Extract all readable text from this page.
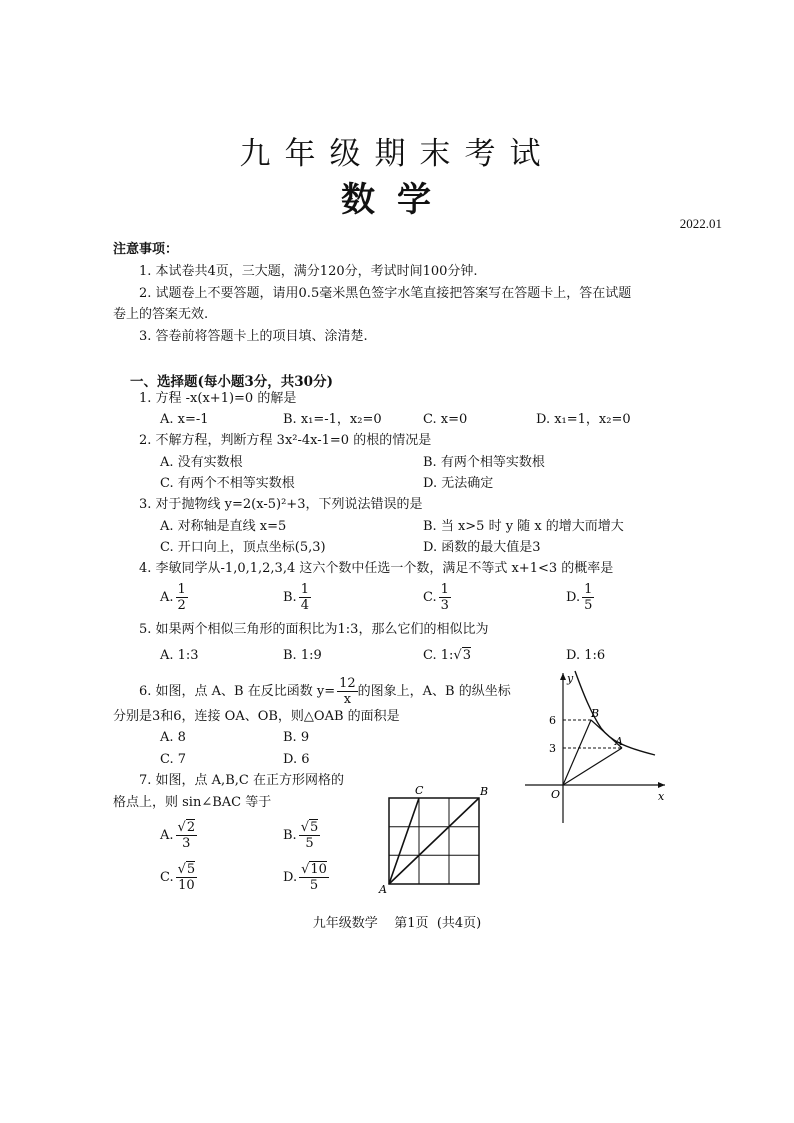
九年级期末考试
数学
2022.01
注意事项：
1. 本试卷共4页，三大题，满分120分，考试时间100分钟.
2. 试题卷上不要答题，请用0.5毫米黑色签字水笔直接把答案写在答题卡上，答在试题
卷上的答案无效.
3. 答卷前将答题卡上的项目填、涂清楚.
一、选择题(每小题3分，共30分)
1. 方程 -x(x+1)=0 的解是
A. x=-1	B. x₁=-1，x₂=0	C. x=0	D. x₁=1，x₂=0
2. 不解方程，判断方程 3x²-4x-1=0 的根的情况是
A. 没有实数根	B. 有两个相等实数根
C. 有两个不相等实数根	D. 无法确定
3. 对于抛物线 y=2(x-5)²+3，下列说法错误的是
A. 对称轴是直线 x=5	B. 当 x>5 时 y 随 x 的增大而增大
C. 开口向上，顶点坐标(5,3)	D. 函数的最大值是3
4. 李敏同学从-1,0,1,2,3,4 这六个数中任选一个数，满足不等式 x+1<3 的概率是
A. $\frac{1}{2}$	B. $\frac{1}{4}$	C. $\frac{1}{3}$	D. $\frac{1}{5}$
5. 如果两个相似三角形的面积比为1:3，那么它们的相似比为
A. 1:3	B. 1:9	C. 1:√3	D. 1:6
6. 如图，点 A、B 在反比函数 $y= \frac{12}{x}$ 的图象上，A、B 的纵坐标
分别是3和6，连接 OA、OB，则△OAB 的面积是
A. 8	B. 9
C. 7	D. 6
y
x
O
6
3
B
A
7. 如图，点 A,B,C 在正方形网格的
格点上，则 sin∠BAC 等于
A. $\frac{√2}{3}$	B. $\frac{√5}{5}$
C. $\frac{√5}{10}$	D. $\frac{√10}{5}$	A
B
C
九年级数学    第1页  (共4页)
